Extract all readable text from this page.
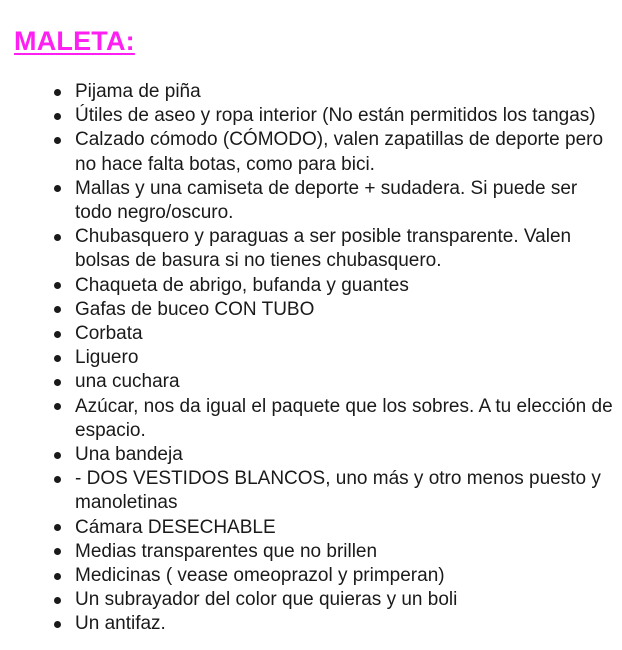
MALETA:
Pijama de piña
Útiles de aseo y ropa interior (No están permitidos los tangas)
Calzado cómodo (CÓMODO), valen zapatillas de deporte pero no hace falta botas, como para bici.
Mallas y una camiseta de deporte + sudadera. Si puede ser todo negro/oscuro.
Chubasquero y paraguas a ser posible transparente. Valen bolsas de basura si no tienes chubasquero.
Chaqueta de abrigo, bufanda y guantes
Gafas de buceo CON TUBO
Corbata
Liguero
una cuchara
Azúcar, nos da igual el paquete que los sobres. A tu elección de espacio.
Una bandeja
- DOS VESTIDOS BLANCOS, uno más y otro menos puesto y manoletinas
Cámara DESECHABLE
Medias transparentes que no brillen
Medicinas ( vease omeoprazol y primperan)
Un subrayador del color que quieras y un boli
Un antifaz.
